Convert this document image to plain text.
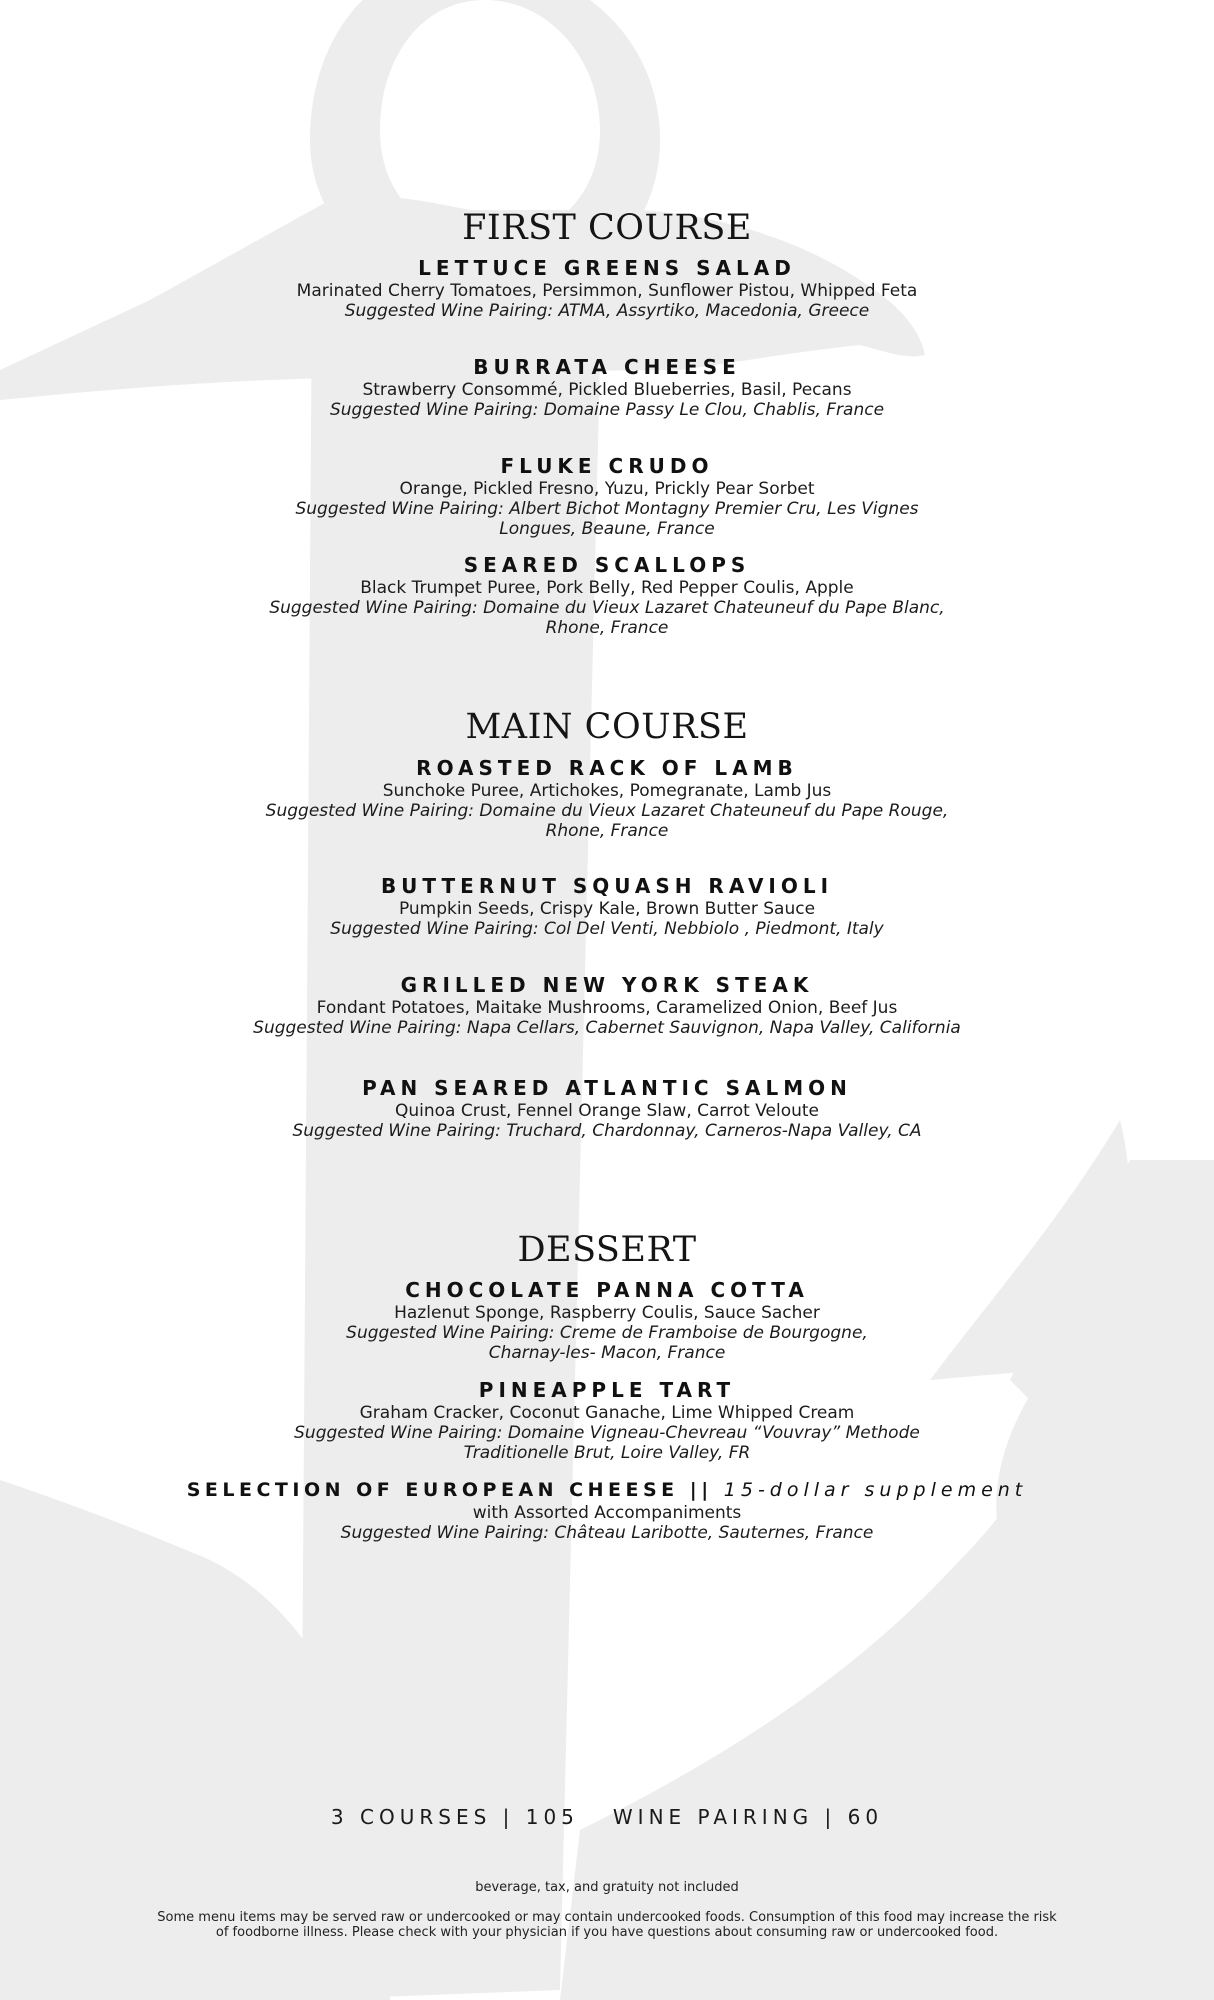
FIRST COURSE
LETTUCE GREENS SALAD
Marinated Cherry Tomatoes, Persimmon, Sunflower Pistou, Whipped Feta
Suggested Wine Pairing: ATMA, Assyrtiko, Macedonia, Greece
BURRATA CHEESE
Strawberry Consommé, Pickled Blueberries, Basil, Pecans
Suggested Wine Pairing: Domaine Passy Le Clou, Chablis, France
FLUKE CRUDO
Orange, Pickled Fresno, Yuzu, Prickly Pear Sorbet
Suggested Wine Pairing: Albert Bichot Montagny Premier Cru, Les Vignes
Longues, Beaune, France
SEARED SCALLOPS
Black Trumpet Puree, Pork Belly, Red Pepper Coulis, Apple
Suggested Wine Pairing: Domaine du Vieux Lazaret Chateuneuf du Pape Blanc,
Rhone, France
MAIN COURSE
ROASTED RACK OF LAMB
Sunchoke Puree, Artichokes, Pomegranate, Lamb Jus
Suggested Wine Pairing: Domaine du Vieux Lazaret Chateuneuf du Pape Rouge,
Rhone, France
BUTTERNUT SQUASH RAVIOLI
Pumpkin Seeds, Crispy Kale, Brown Butter Sauce
Suggested Wine Pairing: Col Del Venti, Nebbiolo , Piedmont, Italy
GRILLED NEW YORK STEAK
Fondant Potatoes, Maitake Mushrooms, Caramelized Onion, Beef Jus
Suggested Wine Pairing: Napa Cellars, Cabernet Sauvignon, Napa Valley, California
PAN SEARED ATLANTIC SALMON
Quinoa Crust, Fennel Orange Slaw, Carrot Veloute
Suggested Wine Pairing: Truchard, Chardonnay, Carneros-Napa Valley, CA
DESSERT
CHOCOLATE PANNA COTTA
Hazlenut Sponge, Raspberry Coulis, Sauce Sacher
Suggested Wine Pairing: Creme de Framboise de Bourgogne,
Charnay-les- Macon, France
PINEAPPLE TART
Graham Cracker, Coconut Ganache, Lime Whipped Cream
Suggested Wine Pairing: Domaine Vigneau-Chevreau “Vouvray” Methode
Traditionelle Brut, Loire Valley, FR
SELECTION OF EUROPEAN CHEESE || 15-dollar supplement
with Assorted Accompaniments
Suggested Wine Pairing: Château Laribotte, Sauternes, France
3 COURSES | 105 WINE PAIRING | 60
beverage, tax, and gratuity not included
Some menu items may be served raw or undercooked or may contain undercooked foods. Consumption of this food may increase the risk
of foodborne illness. Please check with your physician if you have questions about consuming raw or undercooked food.
